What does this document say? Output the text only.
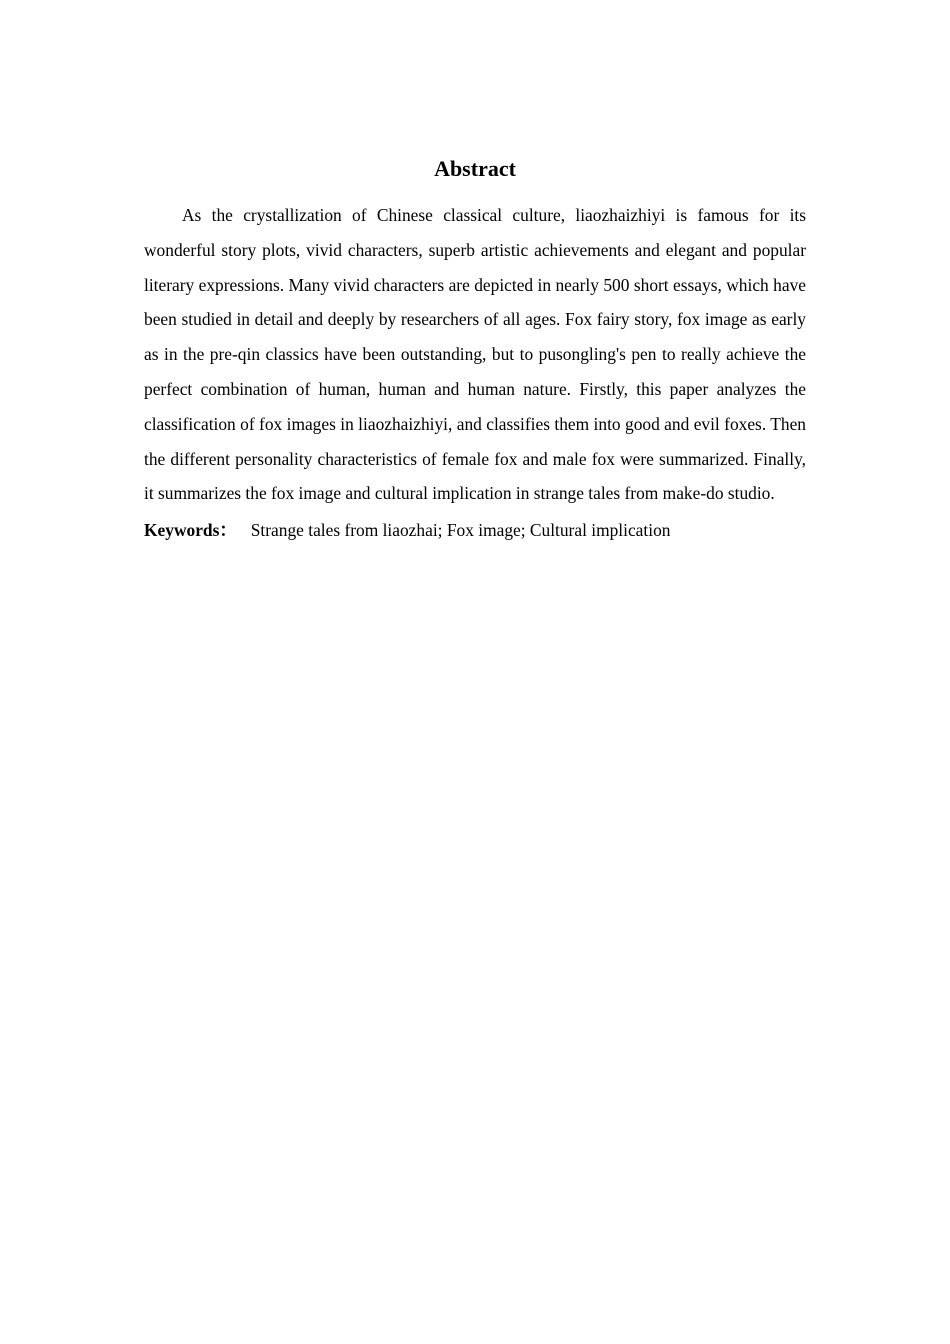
Abstract

As the crystallization of Chinese classical culture, liaozhaizhiyi is famous for its wonderful story plots, vivid characters, superb artistic achievements and elegant and popular literary expressions. Many vivid characters are depicted in nearly 500 short essays, which have been studied in detail and deeply by researchers of all ages. Fox fairy story, fox image as early as in the pre-qin classics have been outstanding, but to pusongling's pen to really achieve the perfect combination of human, human and human nature. Firstly, this paper analyzes the classification of fox images in liaozhaizhiyi, and classifies them into good and evil foxes. Then the different personality characteristics of female fox and male fox were summarized. Finally, it summarizes the fox image and cultural implication in strange tales from make-do studio.

Keywords： Strange tales from liaozhai; Fox image; Cultural implication
